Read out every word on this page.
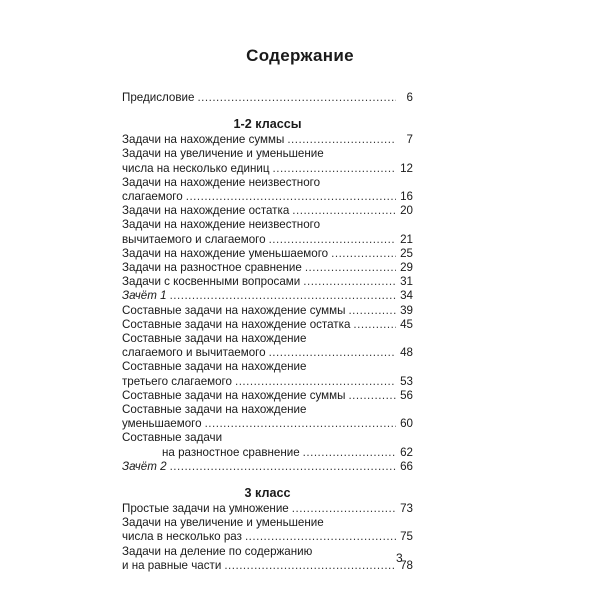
Содержание
Предисловие .....	6
1-2 классы
Задачи на нахождение суммы .....	7
Задачи на увеличение и уменьшение
числа на несколько единиц .....	12
Задачи на нахождение неизвестного
слагаемого .....	16
Задачи на нахождение остатка .....	20
Задачи на нахождение неизвестного
вычитаемого и слагаемого .....	21
Задачи на нахождение уменьшаемого .....	25
Задачи на разностное сравнение .....	29
Задачи с косвенными вопросами .....	31
Зачёт 1 .....	34
Составные задачи на нахождение суммы .....	39
Составные задачи на нахождение остатка .....	45
Составные задачи на нахождение
слагаемого и вычитаемого .....	48
Составные задачи на нахождение
третьего слагаемого .....	53
Составные задачи на нахождение суммы .....	56
Составные задачи на нахождение
уменьшаемого .....	60
Составные задачи
на разностное сравнение .....	62
Зачёт 2 .....	66
3 класс
Простые задачи на умножение .....	73
Задачи на увеличение и уменьшение
числа в несколько раз .....	75
Задачи на деление по содержанию
и на равные части .....	78
3
